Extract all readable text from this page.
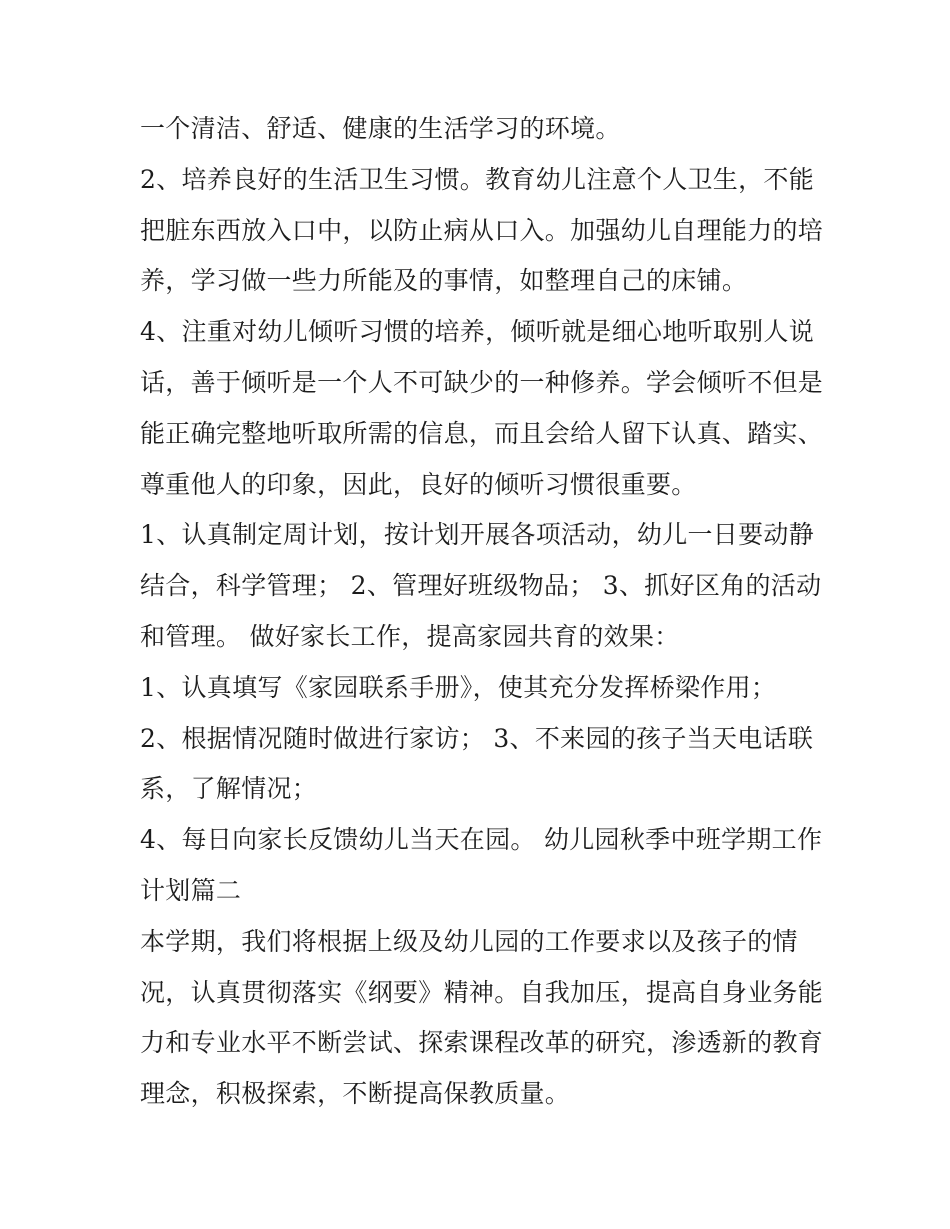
一个清洁、舒适、健康的生活学习的环境。
2、培养良好的生活卫生习惯。教育幼儿注意个人卫生，不能
把脏东西放入口中，以防止病从口入。加强幼儿自理能力的培
养，学习做一些力所能及的事情，如整理自己的床铺。
4、注重对幼儿倾听习惯的培养，倾听就是细心地听取别人说
话，善于倾听是一个人不可缺少的一种修养。学会倾听不但是
能正确完整地听取所需的信息，而且会给人留下认真、踏实、
尊重他人的印象，因此，良好的倾听习惯很重要。
1、认真制定周计划，按计划开展各项活动，幼儿一日要动静
结合，科学管理； 2、管理好班级物品； 3、抓好区角的活动
和管理。 做好家长工作，提高家园共育的效果：
1、认真填写《家园联系手册》，使其充分发挥桥梁作用；
2、根据情况随时做进行家访； 3、不来园的孩子当天电话联
系，了解情况；
4、每日向家长反馈幼儿当天在园。 幼儿园秋季中班学期工作
计划篇二
本学期，我们将根据上级及幼儿园的工作要求以及孩子的情
况，认真贯彻落实《纲要》精神。自我加压，提高自身业务能
力和专业水平不断尝试、探索课程改革的研究，渗透新的教育
理念，积极探索，不断提高保教质量。
